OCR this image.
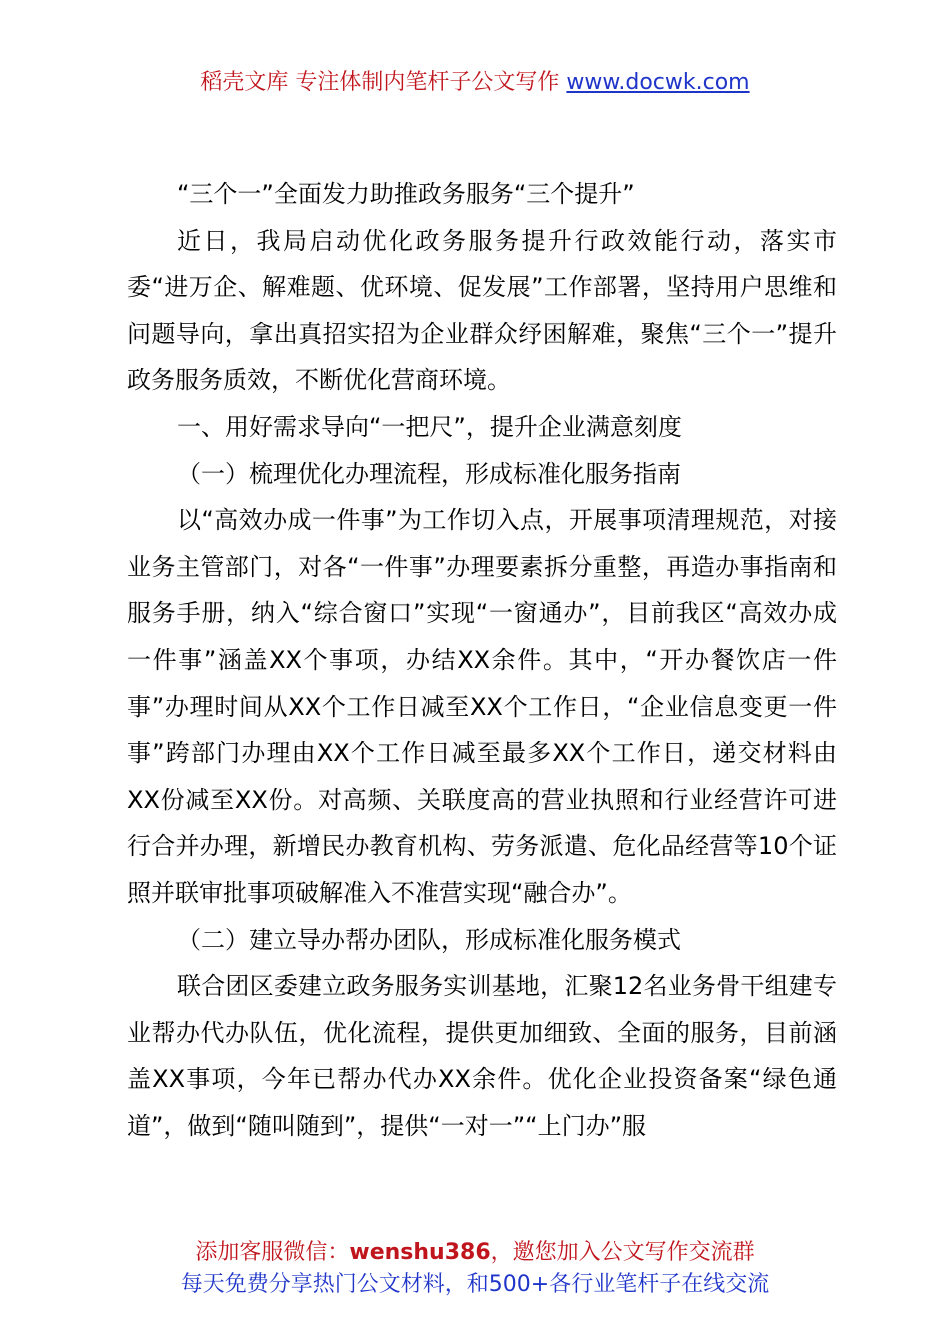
稻壳文库 专注体制内笔杆子公文写作 www.docwk.com

“三个一”全面发力助推政务服务“三个提升”

近日，我局启动优化政务服务提升行政效能行动，落实市委“进万企、解难题、优环境、促发展”工作部署，坚持用户思维和问题导向，拿出真招实招为企业群众纾困解难，聚焦“三个一”提升政务服务质效，不断优化营商环境。

一、用好需求导向“一把尺”，提升企业满意刻度

（一）梳理优化办理流程，形成标准化服务指南

以“高效办成一件事”为工作切入点，开展事项清理规范，对接业务主管部门，对各“一件事”办理要素拆分重整，再造办事指南和服务手册，纳入“综合窗口”实现“一窗通办”，目前我区“高效办成一件事”涵盖XX个事项，办结XX余件。其中，“开办餐饮店一件事”办理时间从XX个工作日减至XX个工作日，“企业信息变更一件事”跨部门办理由XX个工作日减至最多XX个工作日，递交材料由XX份减至XX份。对高频、关联度高的营业执照和行业经营许可进行合并办理，新增民办教育机构、劳务派遣、危化品经营等10个证照并联审批事项破解准入不准营实现“融合办”。

（二）建立导办帮办团队，形成标准化服务模式

联合团区委建立政务服务实训基地，汇聚12名业务骨干组建专业帮办代办队伍，优化流程，提供更加细致、全面的服务，目前涵盖XX事项，今年已帮办代办XX余件。优化企业投资备案“绿色通道”，做到“随叫随到”，提供“一对一”“上门办”服

添加客服微信：wenshu386，邀您加入公文写作交流群
每天免费分享热门公文材料，和500+各行业笔杆子在线交流
